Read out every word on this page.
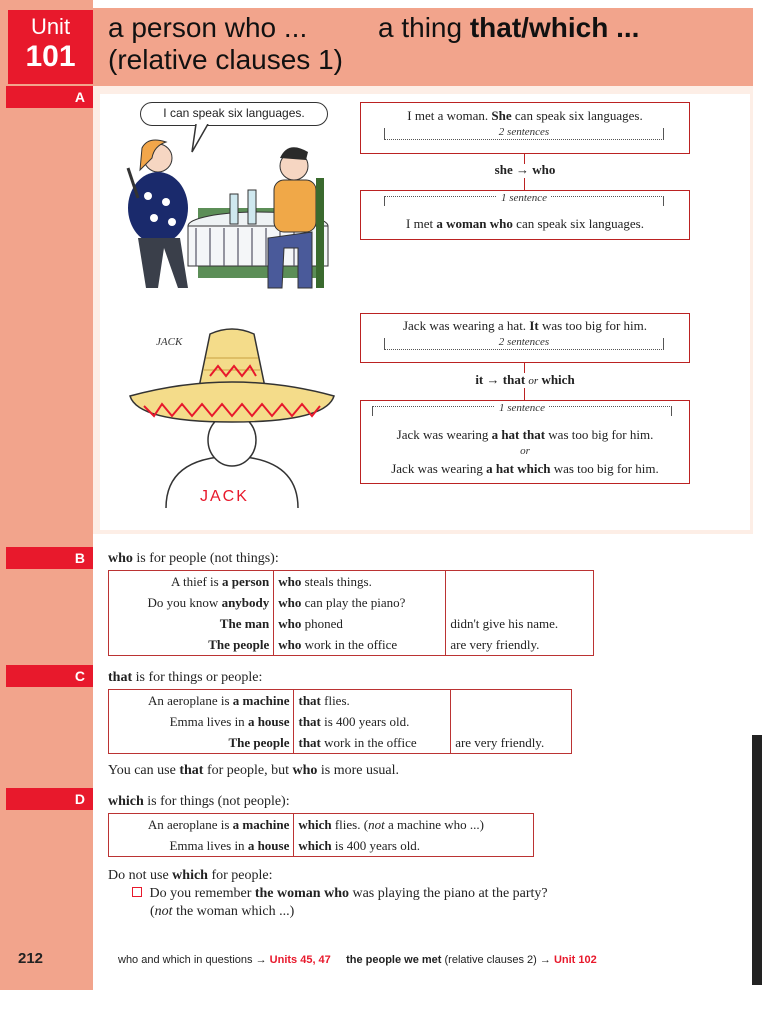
Unit
101
a person who ...
(relative clauses 1)
a thing that/which ...
A
I can speak six languages.	I met a woman. She can speak six languages.
2 sentences
she → who
1 sentence
I met a woman who can speak six languages.
JACK
JACK
Jack was wearing a hat. It was too big for him.
2 sentences
it → that or which
1 sentence
Jack was wearing a hat that was too big for him.
or
Jack was wearing a hat which was too big for him.
B	who is for people (not things):
A thief is a person	who steals things.	
Do you know anybody	who can play the piano?	
The man	who phoned	didn't give his name.
The people	who work in the office	are very friendly.
C	that is for things or people:
An aeroplane is a machine	that flies.	
Emma lives in a house	that is 400 years old.	
The people	that work in the office	are very friendly.
You can use that for people, but who is more usual.
D	which is for things (not people):
An aeroplane is a machine	which flies. (not a machine who ...)
Emma lives in a house	which is 400 years old.
Do not use which for people:
Do you remember the woman who was playing the piano at the party?
(not the woman which ...)
212	who and which in questions → Units 45, 47 the people we met (relative clauses 2) → Unit 102
